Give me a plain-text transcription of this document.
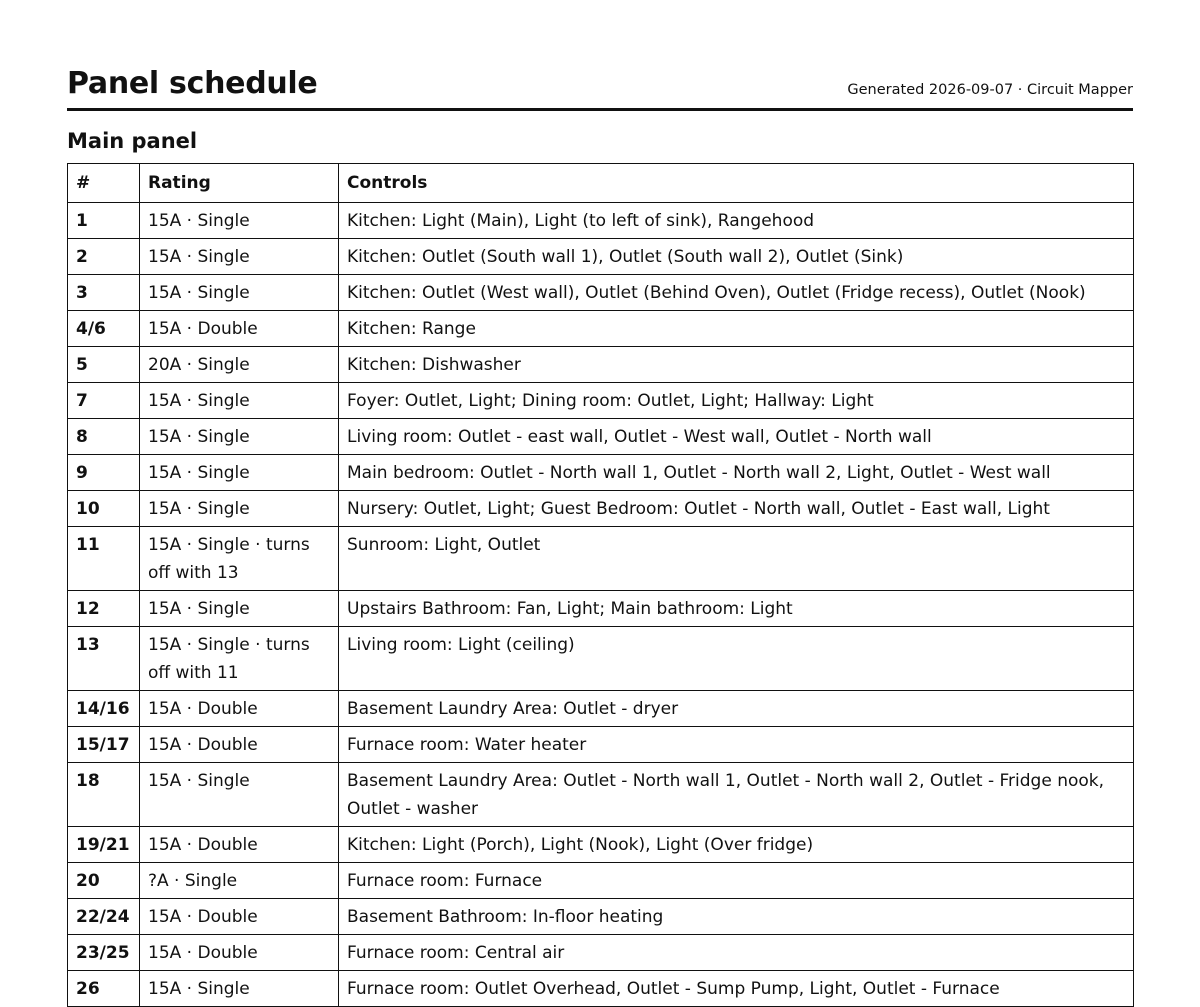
Panel schedule	Generated 2026-09-07 · Circuit Mapper
Main panel
#	Rating	Controls
1	15A · Single	Kitchen: Light (Main), Light (to left of sink), Rangehood
2	15A · Single	Kitchen: Outlet (South wall 1), Outlet (South wall 2), Outlet (Sink)
3	15A · Single	Kitchen: Outlet (West wall), Outlet (Behind Oven), Outlet (Fridge recess), Outlet (Nook)
4/6	15A · Double	Kitchen: Range
5	20A · Single	Kitchen: Dishwasher
7	15A · Single	Foyer: Outlet, Light; Dining room: Outlet, Light; Hallway: Light
8	15A · Single	Living room: Outlet - east wall, Outlet - West wall, Outlet - North wall
9	15A · Single	Main bedroom: Outlet - North wall 1, Outlet - North wall 2, Light, Outlet - West wall
10	15A · Single	Nursery: Outlet, Light; Guest Bedroom: Outlet - North wall, Outlet - East wall, Light
11	15A · Single · turns off with 13	Sunroom: Light, Outlet
12	15A · Single	Upstairs Bathroom: Fan, Light; Main bathroom: Light
13	15A · Single · turns off with 11	Living room: Light (ceiling)
14/16	15A · Double	Basement Laundry Area: Outlet - dryer
15/17	15A · Double	Furnace room: Water heater
18	15A · Single	Basement Laundry Area: Outlet - North wall 1, Outlet - North wall 2, Outlet - Fridge nook, Outlet - washer
19/21	15A · Double	Kitchen: Light (Porch), Light (Nook), Light (Over fridge)
20	?A · Single	Furnace room: Furnace
22/24	15A · Double	Basement Bathroom: In-floor heating
23/25	15A · Double	Furnace room: Central air
26	15A · Single	Furnace room: Outlet Overhead, Outlet - Sump Pump, Light, Outlet - Furnace
